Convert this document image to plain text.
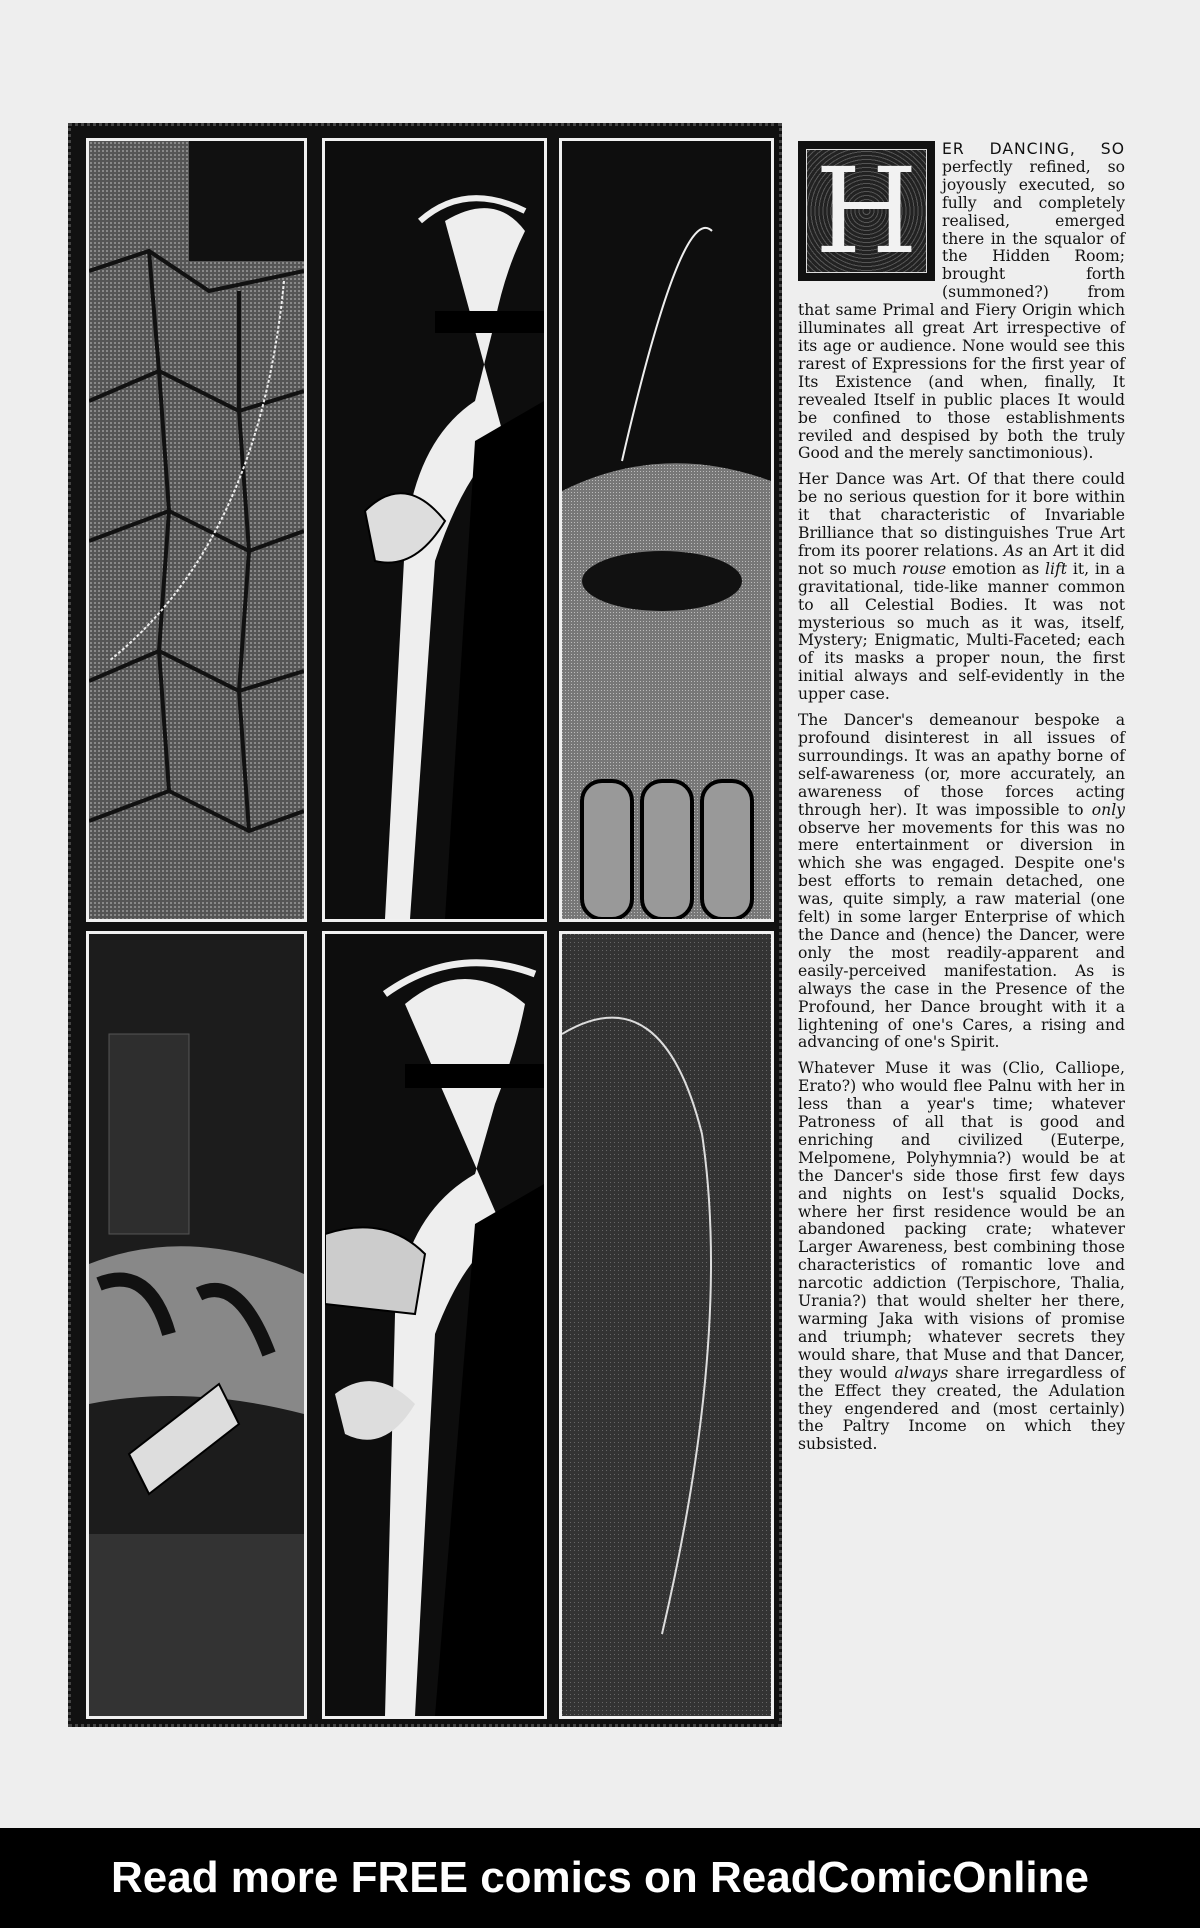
H	ER DANCING, SO perfectly refined, so joyously executed, so fully and completely realised, emerged there in the squalor of the Hidden Room; brought forth (summoned?) from that same Primal and Fiery Origin which illuminates all great Art irrespective of its age or audience. None would see this rarest of Expressions for the first year of Its Existence (and when, finally, It revealed Itself in public places It would be confined to those establishments reviled and despised by both the truly Good and the merely sanctimonious).

Her Dance was Art. Of that there could be no serious question for it bore within it that characteristic of Invariable Brilliance that so distinguishes True Art from its poorer relations. As an Art it did not so much rouse emotion as lift it, in a gravitational, tide-like manner common to all Celestial Bodies. It was not mysterious so much as it was, itself, Mystery; Enigmatic, Multi-Faceted; each of its masks a proper noun, the first initial always and self-evidently in the upper case.

The Dancer's demeanour bespoke a profound disinterest in all issues of surroundings. It was an apathy borne of self-awareness (or, more accurately, an awareness of those forces acting through her). It was impossible to only observe her movements for this was no mere entertainment or diversion in which she was engaged. Despite one's best efforts to remain detached, one was, quite simply, a raw material (one felt) in some larger Enterprise of which the Dance and (hence) the Dancer, were only the most readily-apparent and easily-perceived manifestation. As is always the case in the Presence of the Profound, her Dance brought with it a lightening of one's Cares, a rising and advancing of one's Spirit.

Whatever Muse it was (Clio, Calliope, Erato?) who would flee Palnu with her in less than a year's time; whatever Patroness of all that is good and enriching and civilized (Euterpe, Melpomene, Polyhymnia?) would be at the Dancer's side those first few days and nights on Iest's squalid Docks, where her first residence would be an abandoned packing crate; whatever Larger Awareness, best combining those characteristics of romantic love and narcotic addiction (Terpischore, Thalia, Urania?) that would shelter her there, warming Jaka with visions of promise and triumph; whatever secrets they would share, that Muse and that Dancer, they would always share irregardless of the Effect they created, the Adulation they engendered and (most certainly) the Paltry Income on which they subsisted.

Read more FREE comics on ReadComicOnline
